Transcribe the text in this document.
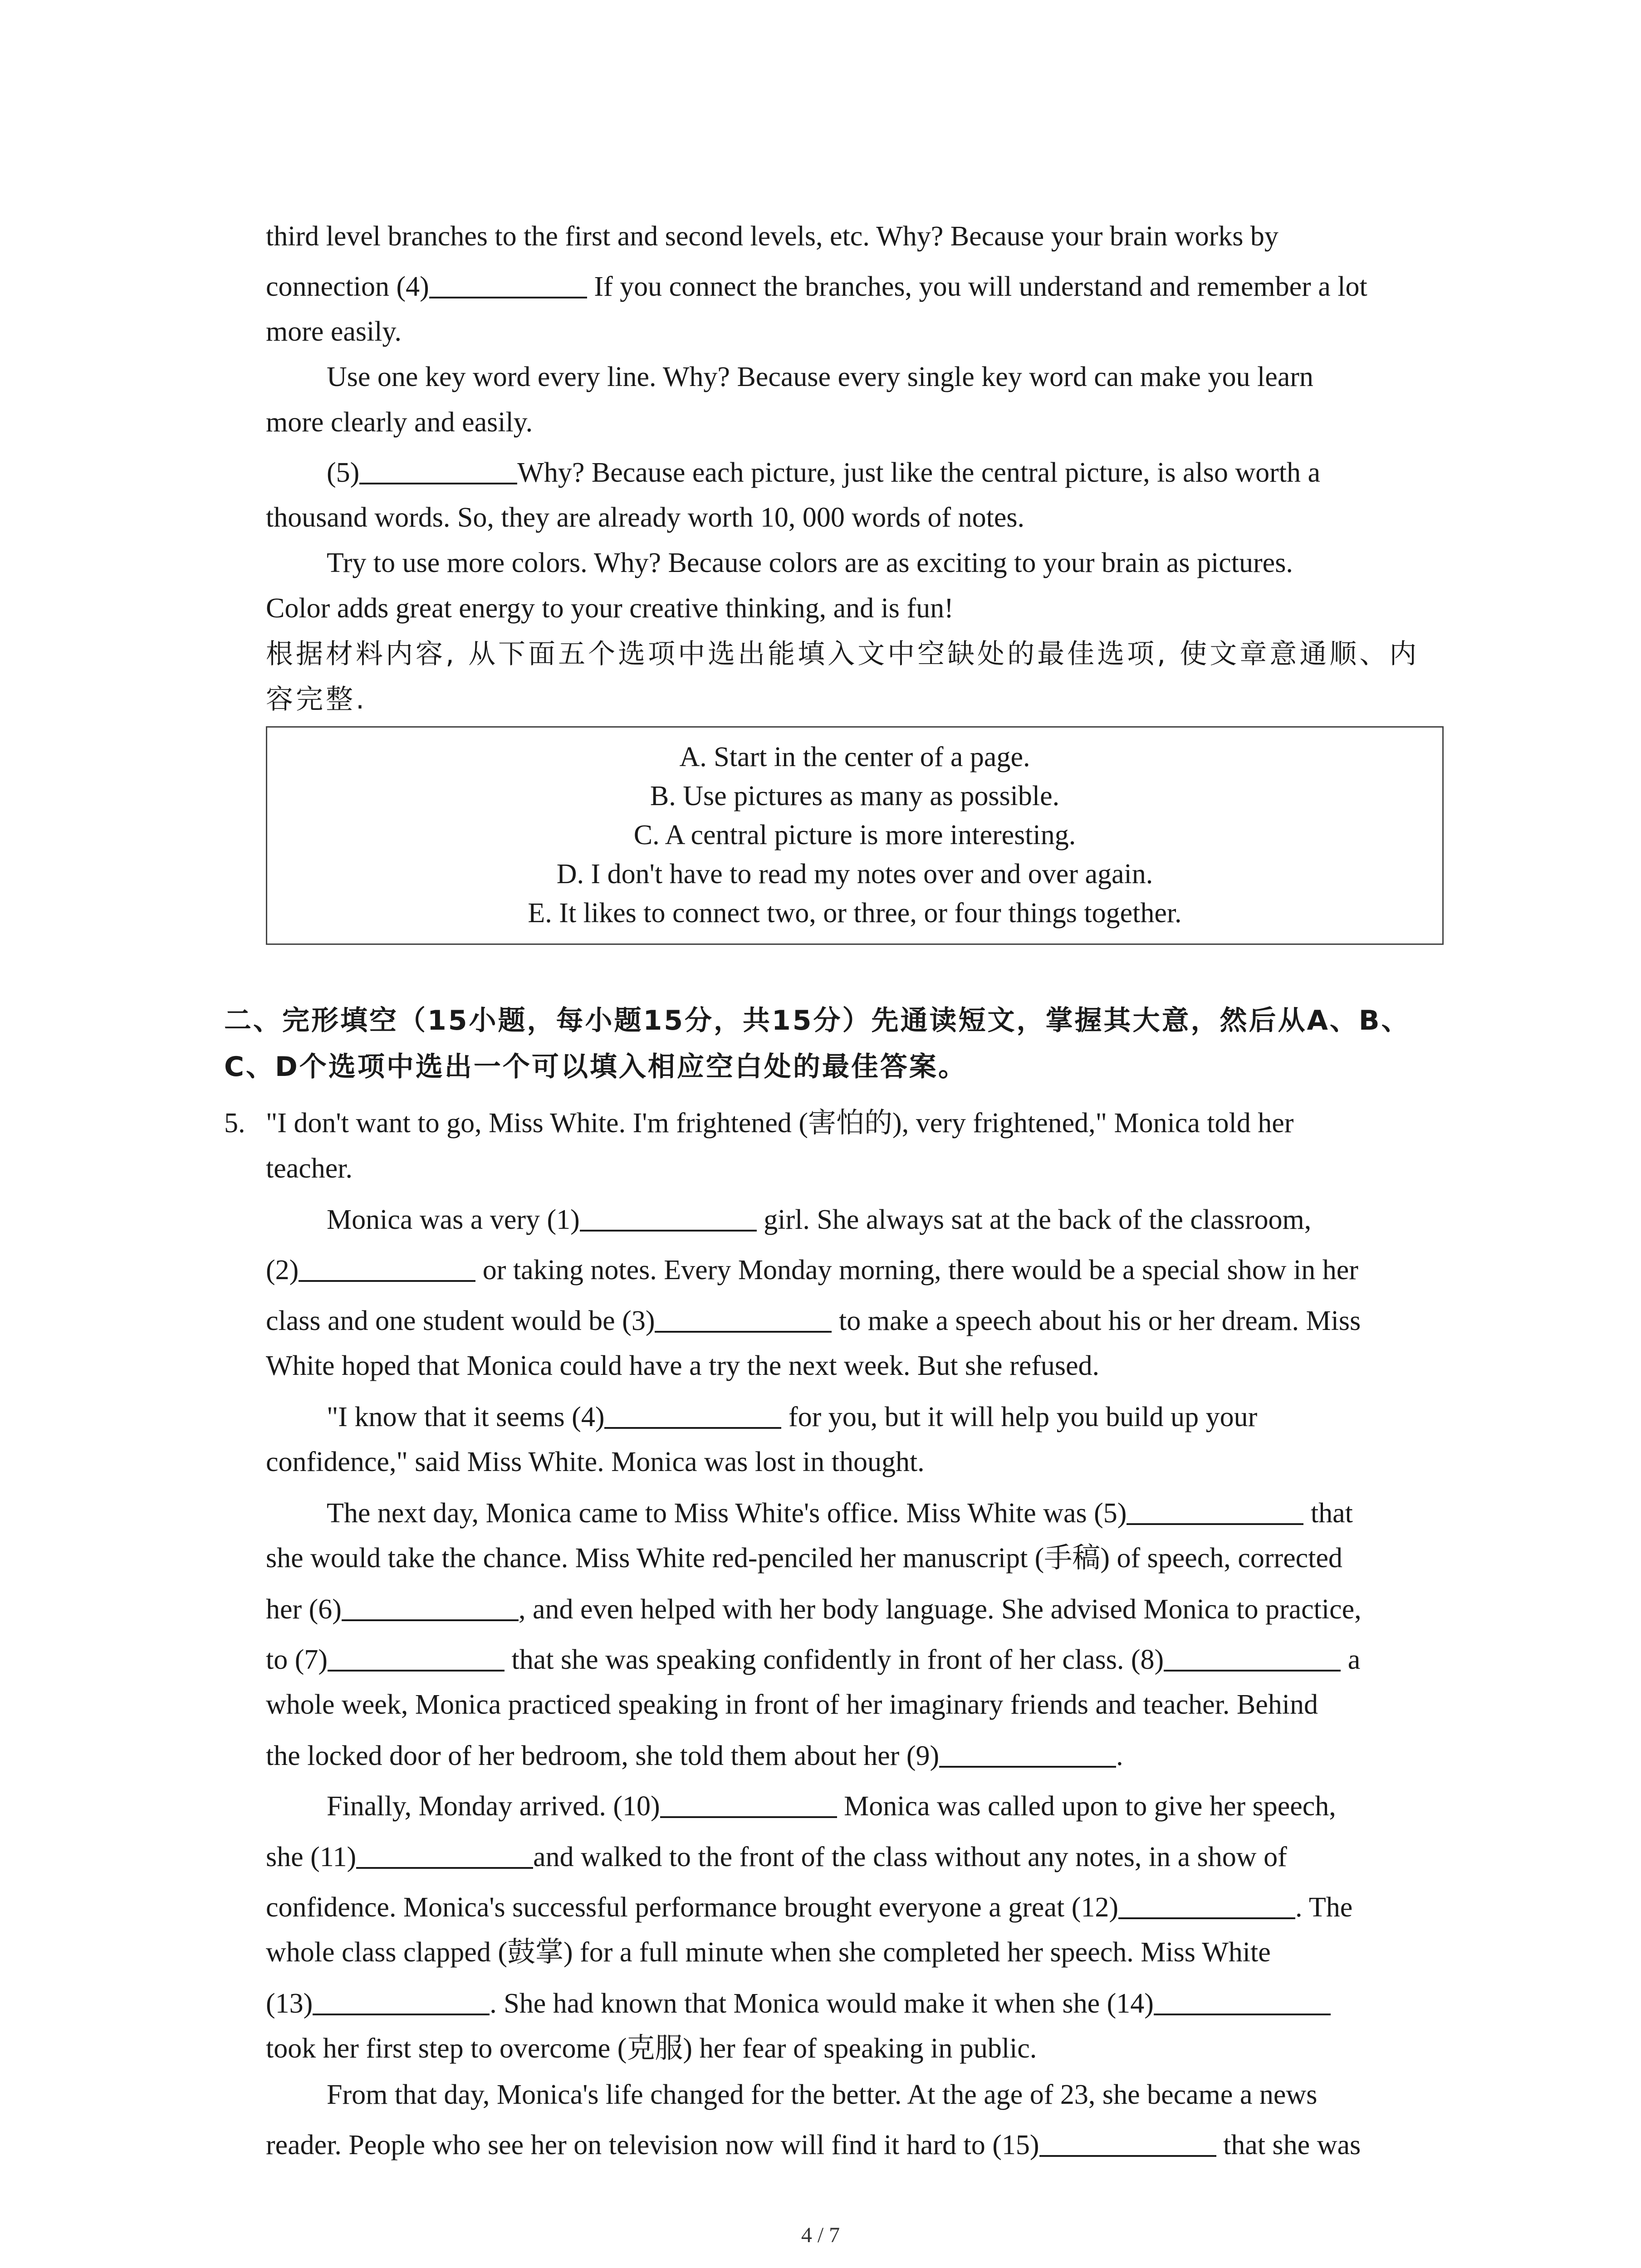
third level branches to the first and second levels, etc. Why? Because your brain works by
connection (4)	If you connect the branches, you will understand and remember a lot
more easily.
Use one key word every line. Why? Because every single key word can make you learn
more clearly and easily.
(5)	Why? Because each picture, just like the central picture, is also worth a
thousand words. So, they are already worth 10, 000 words of notes.
Try to use more colors. Why? Because colors are as exciting to your brain as pictures.
Color adds great energy to your creative thinking, and is fun!
根据材料内容, 从下面五个选项中选出能填入文中空缺处的最佳选项, 使文章意通顺、内
容完整.
A. Start in the center of a page.
B. Use pictures as many as possible.
C. A central picture is more interesting.
D. I don't have to read my notes over and over again.
E. It likes to connect two, or three, or four things together.
二、完形填空（15小题，每小题15分，共15分）先通读短文，掌握其大意，然后从A、B、
C、D个选项中选出一个可以填入相应空白处的最佳答案。
5. "I don't want to go, Miss White. I'm frightened (害怕的), very frightened," Monica told her
teacher.
Monica was a very (1)	girl. She always sat at the back of the classroom,
(2)	or taking notes. Every Monday morning, there would be a special show in her
class and one student would be (3)	to make a speech about his or her dream. Miss
White hoped that Monica could have a try the next week. But she refused.
"I know that it seems (4)	for you, but it will help you build up your
confidence," said Miss White. Monica was lost in thought.
The next day, Monica came to Miss White's office. Miss White was (5)	that
she would take the chance. Miss White red-penciled her manuscript (手稿) of speech, corrected
her (6)	, and even helped with her body language. She advised Monica to practice,
to (7)	that she was speaking confidently in front of her class. (8)	a
whole week, Monica practiced speaking in front of her imaginary friends and teacher. Behind
the locked door of her bedroom, she told them about her (9)	.
Finally, Monday arrived. (10)	Monica was called upon to give her speech,
she (11)	and walked to the front of the class without any notes, in a show of
confidence. Monica's successful performance brought everyone a great (12)	. The
whole class clapped (鼓掌) for a full minute when she completed her speech. Miss White
(13)	. She had known that Monica would make it when she (14)
took her first step to overcome (克服) her fear of speaking in public.
From that day, Monica's life changed for the better. At the age of 23, she became a news
reader. People who see her on television now will find it hard to (15)	that she was
4 / 7
